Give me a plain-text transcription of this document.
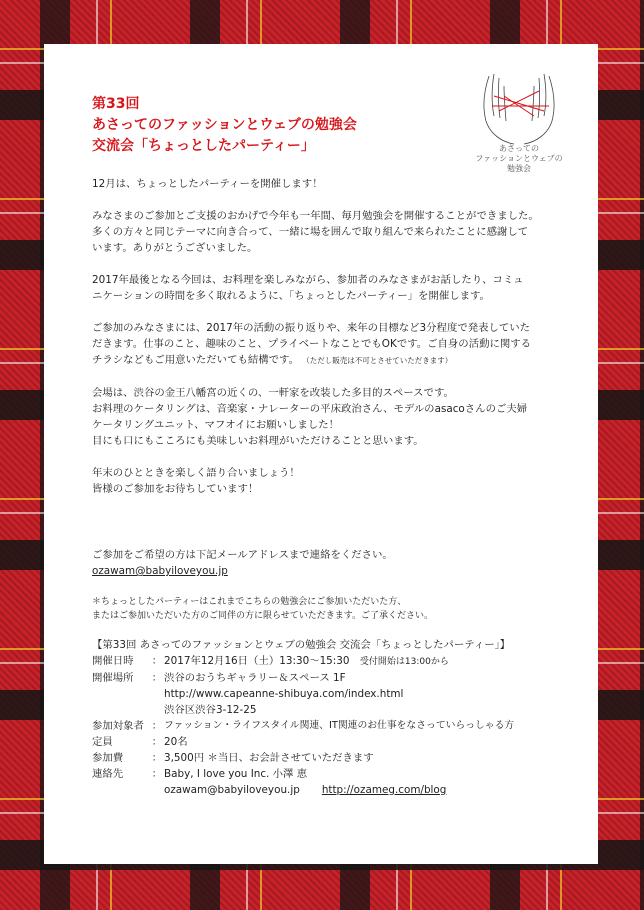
第33回
あさってのファッションとウェブの勉強会
交流会「ちょっとしたパーティー」	あさっての
ファッションとウェブの
勉強会

12月は、ちょっとしたパーティーを開催します！

みなさまのご参加とご支援のおかげで今年も一年間、毎月勉強会を開催することができました。
多くの方々と同じテーマに向き合って、一緒に場を囲んで取り組んで来られたことに感謝して
います。ありがとうございました。

2017年最後となる今回は、お料理を楽しみながら、参加者のみなさまがお話したり、コミュ
ニケーションの時間を多く取れるように、「ちょっとしたパーティー」を開催します。

ご参加のみなさまには、2017年の活動の振り返りや、来年の目標など3分程度で発表していた
だきます。仕事のこと、趣味のこと、プライベートなことでもOKです。ご自身の活動に関する
チラシなどもご用意いただいても結構です。 （ただし販売は不可とさせていただきます）

会場は、渋谷の金王八幡宮の近くの、一軒家を改装した多目的スペースです。
お料理のケータリングは、音楽家・ナレーターの平床政治さん、モデルのasacoさんのご夫婦
ケータリングユニット、マフオイにお願いしました！
目にも口にもこころにも美味しいお料理がいただけることと思います。

年末のひとときを楽しく語り合いましょう！
皆様のご参加をお待ちしています！

ご参加をご希望の方は下記メールアドレスまで連絡をください。
ozawam@babyiloveyou.jp

＊ちょっとしたパーティーはこれまでこちらの勉強会にご参加いただいた方、
またはご参加いただいた方のご同伴の方に限らせていただきます。ご了承ください。
【第33回 あさってのファッションとウェブの勉強会 交流会「ちょっとしたパーティー」】
開催日時	：	2017年12月16日（土）13:30〜15:30　 受付開始は13:00から
開催場所	：	渋谷のおうちギャラリー＆スペース 1F
		http://www.capeanne-shibuya.com/index.html
		渋谷区渋谷3-12-25
参加対象者	：	ファッション・ライフスタイル関連、IT関連のお仕事をなさっていらっしゃる方
定員	：	20名
参加費	：	3,500円 ＊当日、お会計させていただきます
連絡先	：	Baby, I love you Inc. 小澤 恵
		ozawam@babyiloveyou.jp http://ozameg.com/blog
